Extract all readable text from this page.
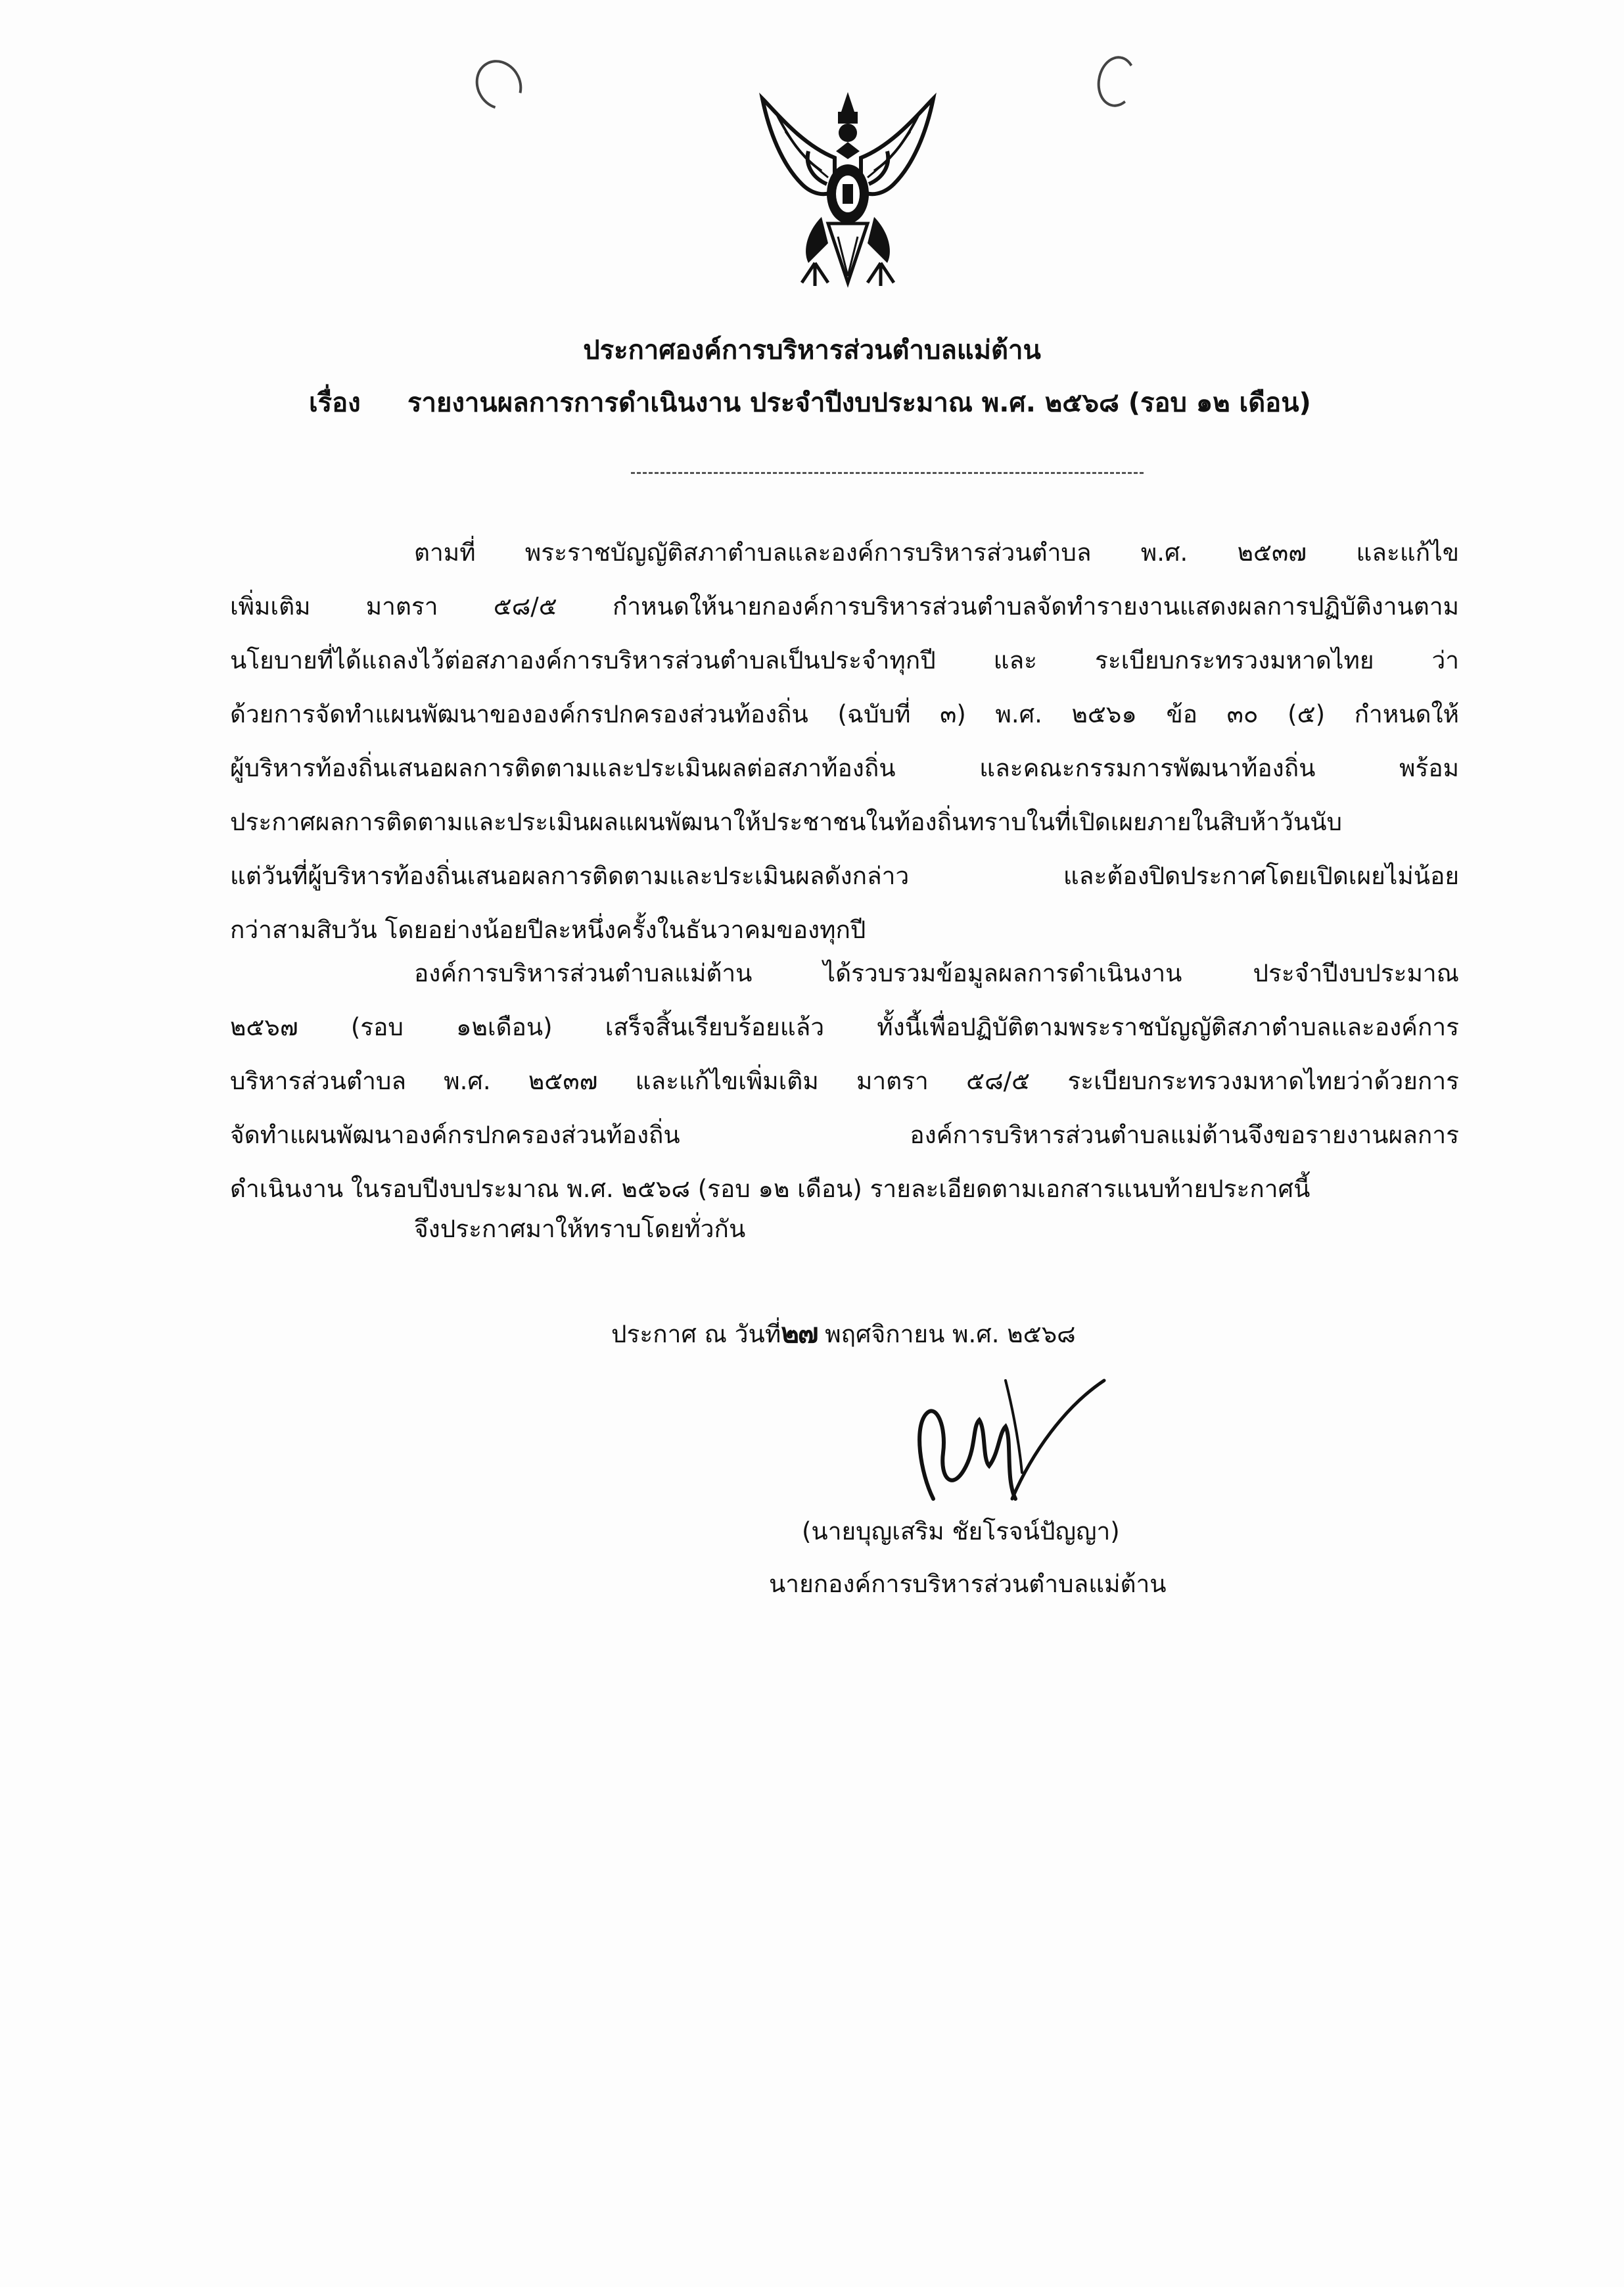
ประกาศองค์การบริหารส่วนตำบลแม่ต้าน
เรื่อง รายงานผลการการดำเนินงาน ประจำปีงบประมาณ พ.ศ. ๒๕๖๘ (รอบ ๑๒ เดือน)
ตามที่ พระราชบัญญัติสภาตำบลและองค์การบริหารส่วนตำบล พ.ศ. ๒๕๓๗ และแก้ไข
เพิ่มเติม มาตรา ๕๘/๕ กำหนดให้นายกองค์การบริหารส่วนตำบลจัดทำรายงานแสดงผลการปฏิบัติงานตาม
นโยบายที่ได้แถลงไว้ต่อสภาองค์การบริหารส่วนตำบลเป็นประจำทุกปี และ ระเบียบกระทรวงมหาดไทย ว่า
ด้วยการจัดทำแผนพัฒนาขององค์กรปกครองส่วนท้องถิ่น (ฉบับที่ ๓) พ.ศ. ๒๕๖๑ ข้อ ๓๐ (๕) กำหนดให้
ผู้บริหารท้องถิ่นเสนอผลการติดตามและประเมินผลต่อสภาท้องถิ่น และคณะกรรมการพัฒนาท้องถิ่น พร้อม
ประกาศผลการติดตามและประเมินผลแผนพัฒนาให้ประชาชนในท้องถิ่นทราบในที่เปิดเผยภายในสิบห้าวันนับ
แต่วันที่ผู้บริหารท้องถิ่นเสนอผลการติดตามและประเมินผลดังกล่าว และต้องปิดประกาศโดยเปิดเผยไม่น้อย
กว่าสามสิบวัน โดยอย่างน้อยปีละหนึ่งครั้งในธันวาคมของทุกปี
องค์การบริหารส่วนตำบลแม่ต้าน ได้รวบรวมข้อมูลผลการดำเนินงาน ประจำปีงบประมาณ
๒๕๖๗ (รอบ ๑๒เดือน) เสร็จสิ้นเรียบร้อยแล้ว ทั้งนี้เพื่อปฏิบัติตามพระราชบัญญัติสภาตำบลและองค์การ
บริหารส่วนตำบล พ.ศ. ๒๕๓๗ และแก้ไขเพิ่มเติม มาตรา ๕๘/๕ ระเบียบกระทรวงมหาดไทยว่าด้วยการ
จัดทำแผนพัฒนาองค์กรปกครองส่วนท้องถิ่น องค์การบริหารส่วนตำบลแม่ต้านจึงขอรายงานผลการ
ดำเนินงาน ในรอบปีงบประมาณ พ.ศ. ๒๕๖๘ (รอบ ๑๒ เดือน) รายละเอียดตามเอกสารแนบท้ายประกาศนี้
จึงประกาศมาให้ทราบโดยทั่วกัน
ประกาศ ณ วันที่๒๗ พฤศจิกายน พ.ศ. ๒๕๖๘
(นายบุญเสริม ชัยโรจน์ปัญญา)
นายกองค์การบริหารส่วนตำบลแม่ต้าน
